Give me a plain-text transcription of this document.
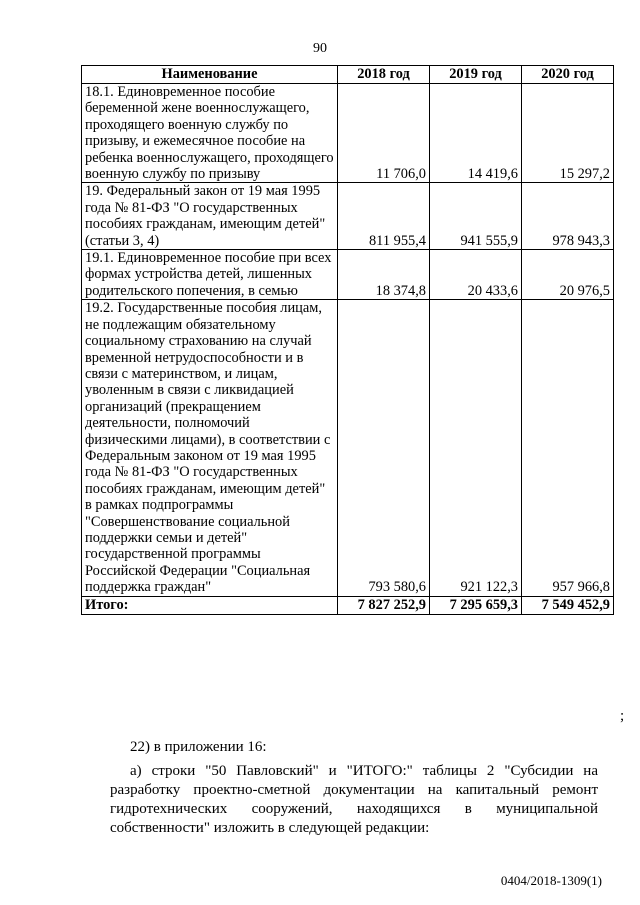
90
Наименование	2018 год	2019 год	2020 год
18.1. Единовременное пособие беременной жене военнослужащего, проходящего военную службу по призыву, и ежемесячное пособие на ребенка военнослужащего, проходящего военную службу по призыву	11 706,0	14 419,6	15 297,2
19. Федеральный закон от 19 мая 1995 года № 81-ФЗ "О государственных пособиях гражданам, имеющим детей" (статьи 3, 4)	811 955,4	941 555,9	978 943,3
19.1. Единовременное пособие при всех формах устройства детей, лишенных родительского попечения, в семью	18 374,8	20 433,6	20 976,5
19.2. Государственные пособия лицам, не подлежащим обязательному социальному страхованию на случай временной нетрудоспособности и в связи с материнством, и лицам, уволенным в связи с ликвидацией организаций (прекращением деятельности, полномочий физическими лицами), в соответствии с Федеральным законом от 19 мая 1995 года № 81-ФЗ "О государственных пособиях гражданам, имеющим детей" в рамках подпрограммы "Совершенствование социальной поддержки семьи и детей" государственной программы Российской Федерации "Социальная поддержка граждан"	793 580,6	921 122,3	957 966,8
Итого:	7 827 252,9	7 295 659,3	7 549 452,9
;
22) в приложении 16:
а) строки "50 Павловский" и "ИТОГО:" таблицы 2 "Субсидии на разработку проектно-сметной документации на капитальный ремонт гидротехнических сооружений, находящихся в муниципальной собственности" изложить в следующей редакции:
0404/2018-1309(1)
